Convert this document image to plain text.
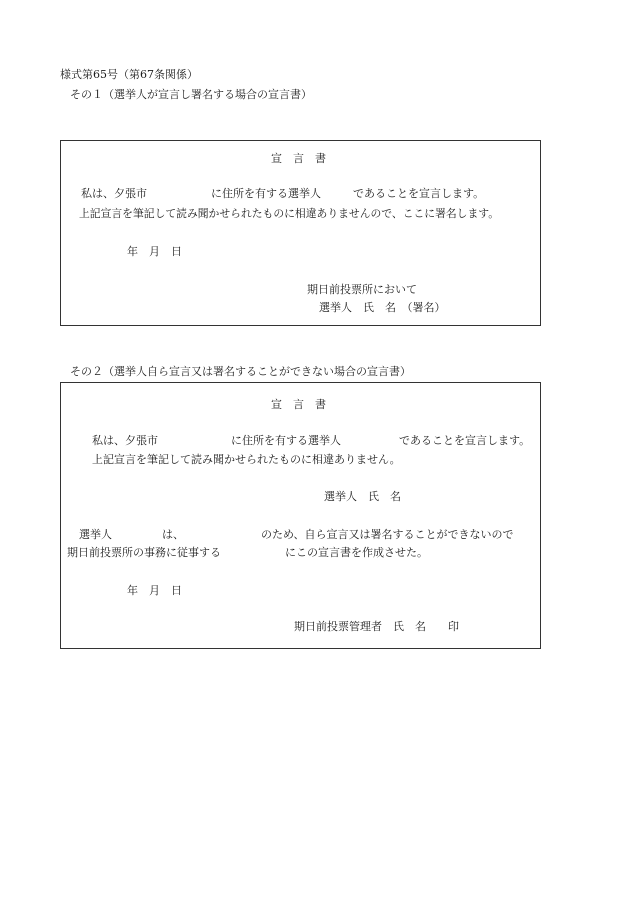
様式第65号（第67条関係）
その１（選挙人が宣言し署名する場合の宣言書）
宣　言　書
私は、夕張市	に住所を有する選挙人	であることを宣言します。
上記宣言を筆記して読み聞かせられたものに相違ありませんので、ここに署名します。
年　月　日
期日前投票所において
選挙人　氏　名　（署名）
その２（選挙人自ら宣言又は署名することができない場合の宣言書）
宣　言　書
私は、夕張市	に住所を有する選挙人	であることを宣言します。
上記宣言を筆記して読み聞かせられたものに相違ありません。
選挙人　氏　名
選挙人	は、	のため、自ら宣言又は署名することができないので
期日前投票所の事務に従事する	にこの宣言書を作成させた。
年　月　日
期日前投票管理者　氏　名　　印
